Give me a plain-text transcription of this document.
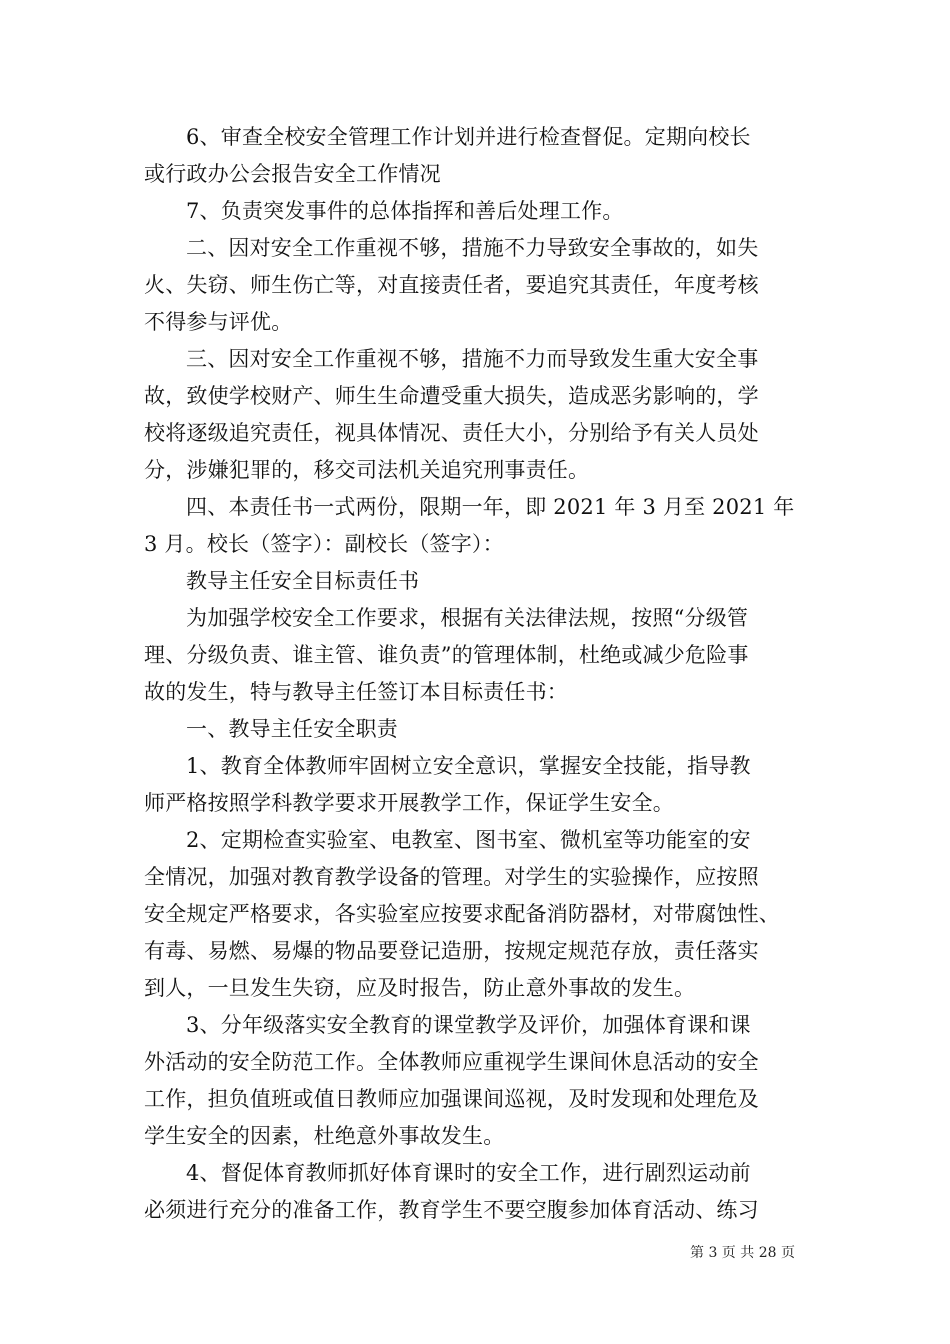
6、审查全校安全管理工作计划并进行检查督促。定期向校长
或行政办公会报告安全工作情况
7、负责突发事件的总体指挥和善后处理工作。
二、因对安全工作重视不够，措施不力导致安全事故的，如失
火、失窃、师生伤亡等，对直接责任者，要追究其责任，年度考核
不得参与评优。
三、因对安全工作重视不够，措施不力而导致发生重大安全事
故，致使学校财产、师生生命遭受重大损失，造成恶劣影响的，学
校将逐级追究责任，视具体情况、责任大小，分别给予有关人员处
分，涉嫌犯罪的，移交司法机关追究刑事责任。
四、本责任书一式两份，限期一年，即 2021 年 3 月至 2021 年
3 月。校长（签字）：副校长（签字）：
教导主任安全目标责任书
为加强学校安全工作要求，根据有关法律法规，按照“分级管
理、分级负责、谁主管、谁负责”的管理体制，杜绝或减少危险事
故的发生，特与教导主任签订本目标责任书：
一、教导主任安全职责
1、教育全体教师牢固树立安全意识，掌握安全技能，指导教
师严格按照学科教学要求开展教学工作，保证学生安全。
2、定期检查实验室、电教室、图书室、微机室等功能室的安
全情况，加强对教育教学设备的管理。对学生的实验操作，应按照
安全规定严格要求，各实验室应按要求配备消防器材，对带腐蚀性、
有毒、易燃、易爆的物品要登记造册，按规定规范存放，责任落实
到人，一旦发生失窃，应及时报告，防止意外事故的发生。
3、分年级落实安全教育的课堂教学及评价，加强体育课和课
外活动的安全防范工作。全体教师应重视学生课间休息活动的安全
工作，担负值班或值日教师应加强课间巡视，及时发现和处理危及
学生安全的因素，杜绝意外事故发生。
4、督促体育教师抓好体育课时的安全工作，进行剧烈运动前
必须进行充分的准备工作，教育学生不要空腹参加体育活动、练习
第 3 页 共 28 页
